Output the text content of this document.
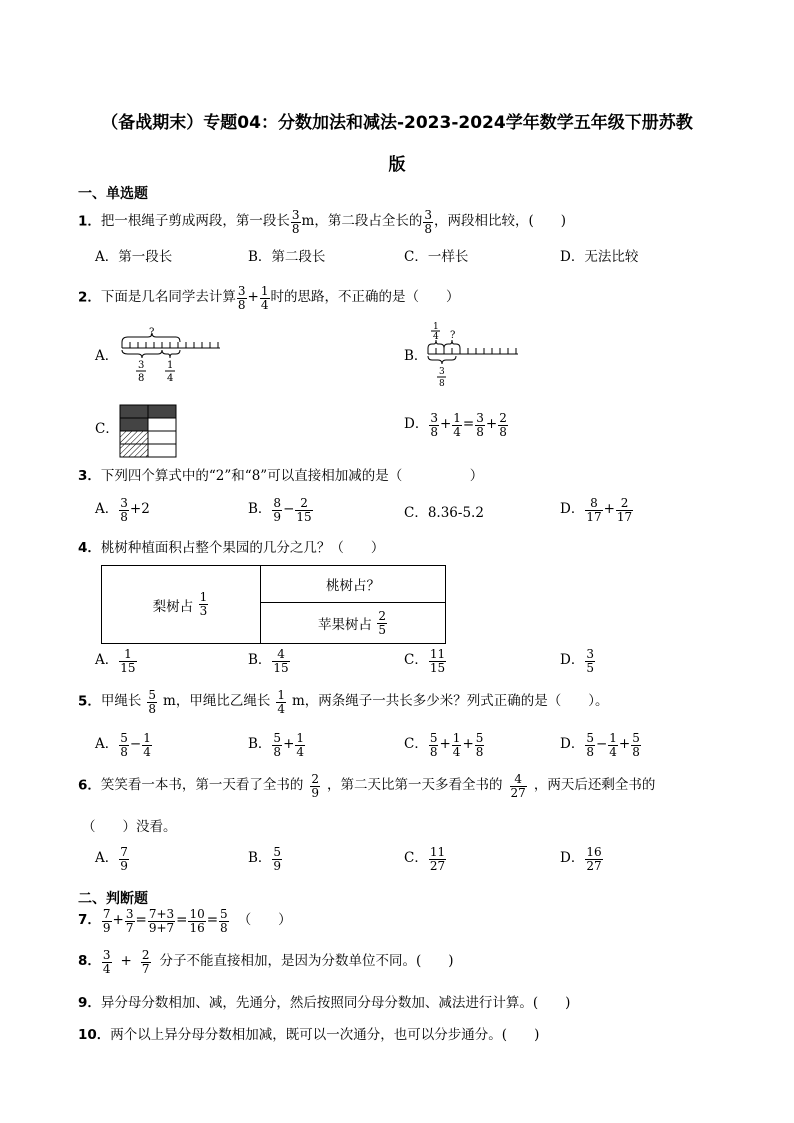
（备战期末）专题04：分数加法和减法-2023-2024学年数学五年级下册苏教
版
一、单选题
1．把一根绳子剪成两段，第一段长 $\frac{3}{8}$ m，第二段占全长的 $\frac{3}{8}$ ，两段相比较，(　　)
A．第一段长	B．第二段长	C．一样长	D．无法比较
2．下面是几名同学去计算 $\frac{3}{8} + \frac{1}{4}$ 时的思路，不正确的是（　　）
A．
?
3
8
1
4
B．
1
4 ?
3
8
C．	D． $\frac{3}{8} + \frac{1}{4} = \frac{3}{8} + \frac{2}{8}$
3．下列四个算式中的“2”和“8”可以直接相加减的是（　　　　　）
A． $\frac{3}{8} +2$	B． $\frac{8}{9} - \frac{2}{15}$	C．8.36-5.2	D． $\frac{8}{17} + \frac{2}{17}$
4．桃树种植面积占整个果园的几分之几？（　　）
梨树占 $\frac{1}{3}$
	桃树占？
苹果树占 $\frac{2}{5}$
A． $\frac{1}{15}$	B． $\frac{4}{15}$	C． $\frac{11}{15}$	D． $\frac{3}{5}$
5．甲绳长 $\frac{5}{8}$ m，甲绳比乙绳长 $\frac{1}{4}$ m，两条绳子一共长多少米？列式正确的是（　　）。
A． $\frac{5}{8} - \frac{1}{4}$	B． $\frac{5}{8} + \frac{1}{4}$	C． $\frac{5}{8} + \frac{1}{4} + \frac{5}{8}$	D． $\frac{5}{8} - \frac{1}{4} + \frac{5}{8}$
6．笑笑看一本书，第一天看了全书的 $\frac{2}{9}$ ，第二天比第一天多看全书的 $\frac{4}{27}$ ，两天后还剩全书的
（　　）没看。
A． $\frac{7}{9}$	B． $\frac{5}{9}$	C． $\frac{11}{27}$	D． $\frac{16}{27}$
二、判断题
7． $\frac{7}{9} + \frac{3}{7} = \frac{7+3}{9+7} = \frac{10}{16} = \frac{5}{8}$ （　　）
8． $\frac{3}{4} + \frac{2}{7}$ 分子不能直接相加，是因为分数单位不同。(　　)
9．异分母分数相加、减，先通分，然后按照同分母分数加、减法进行计算。(　　)
10．两个以上异分母分数相加减，既可以一次通分，也可以分步通分。(　　)
